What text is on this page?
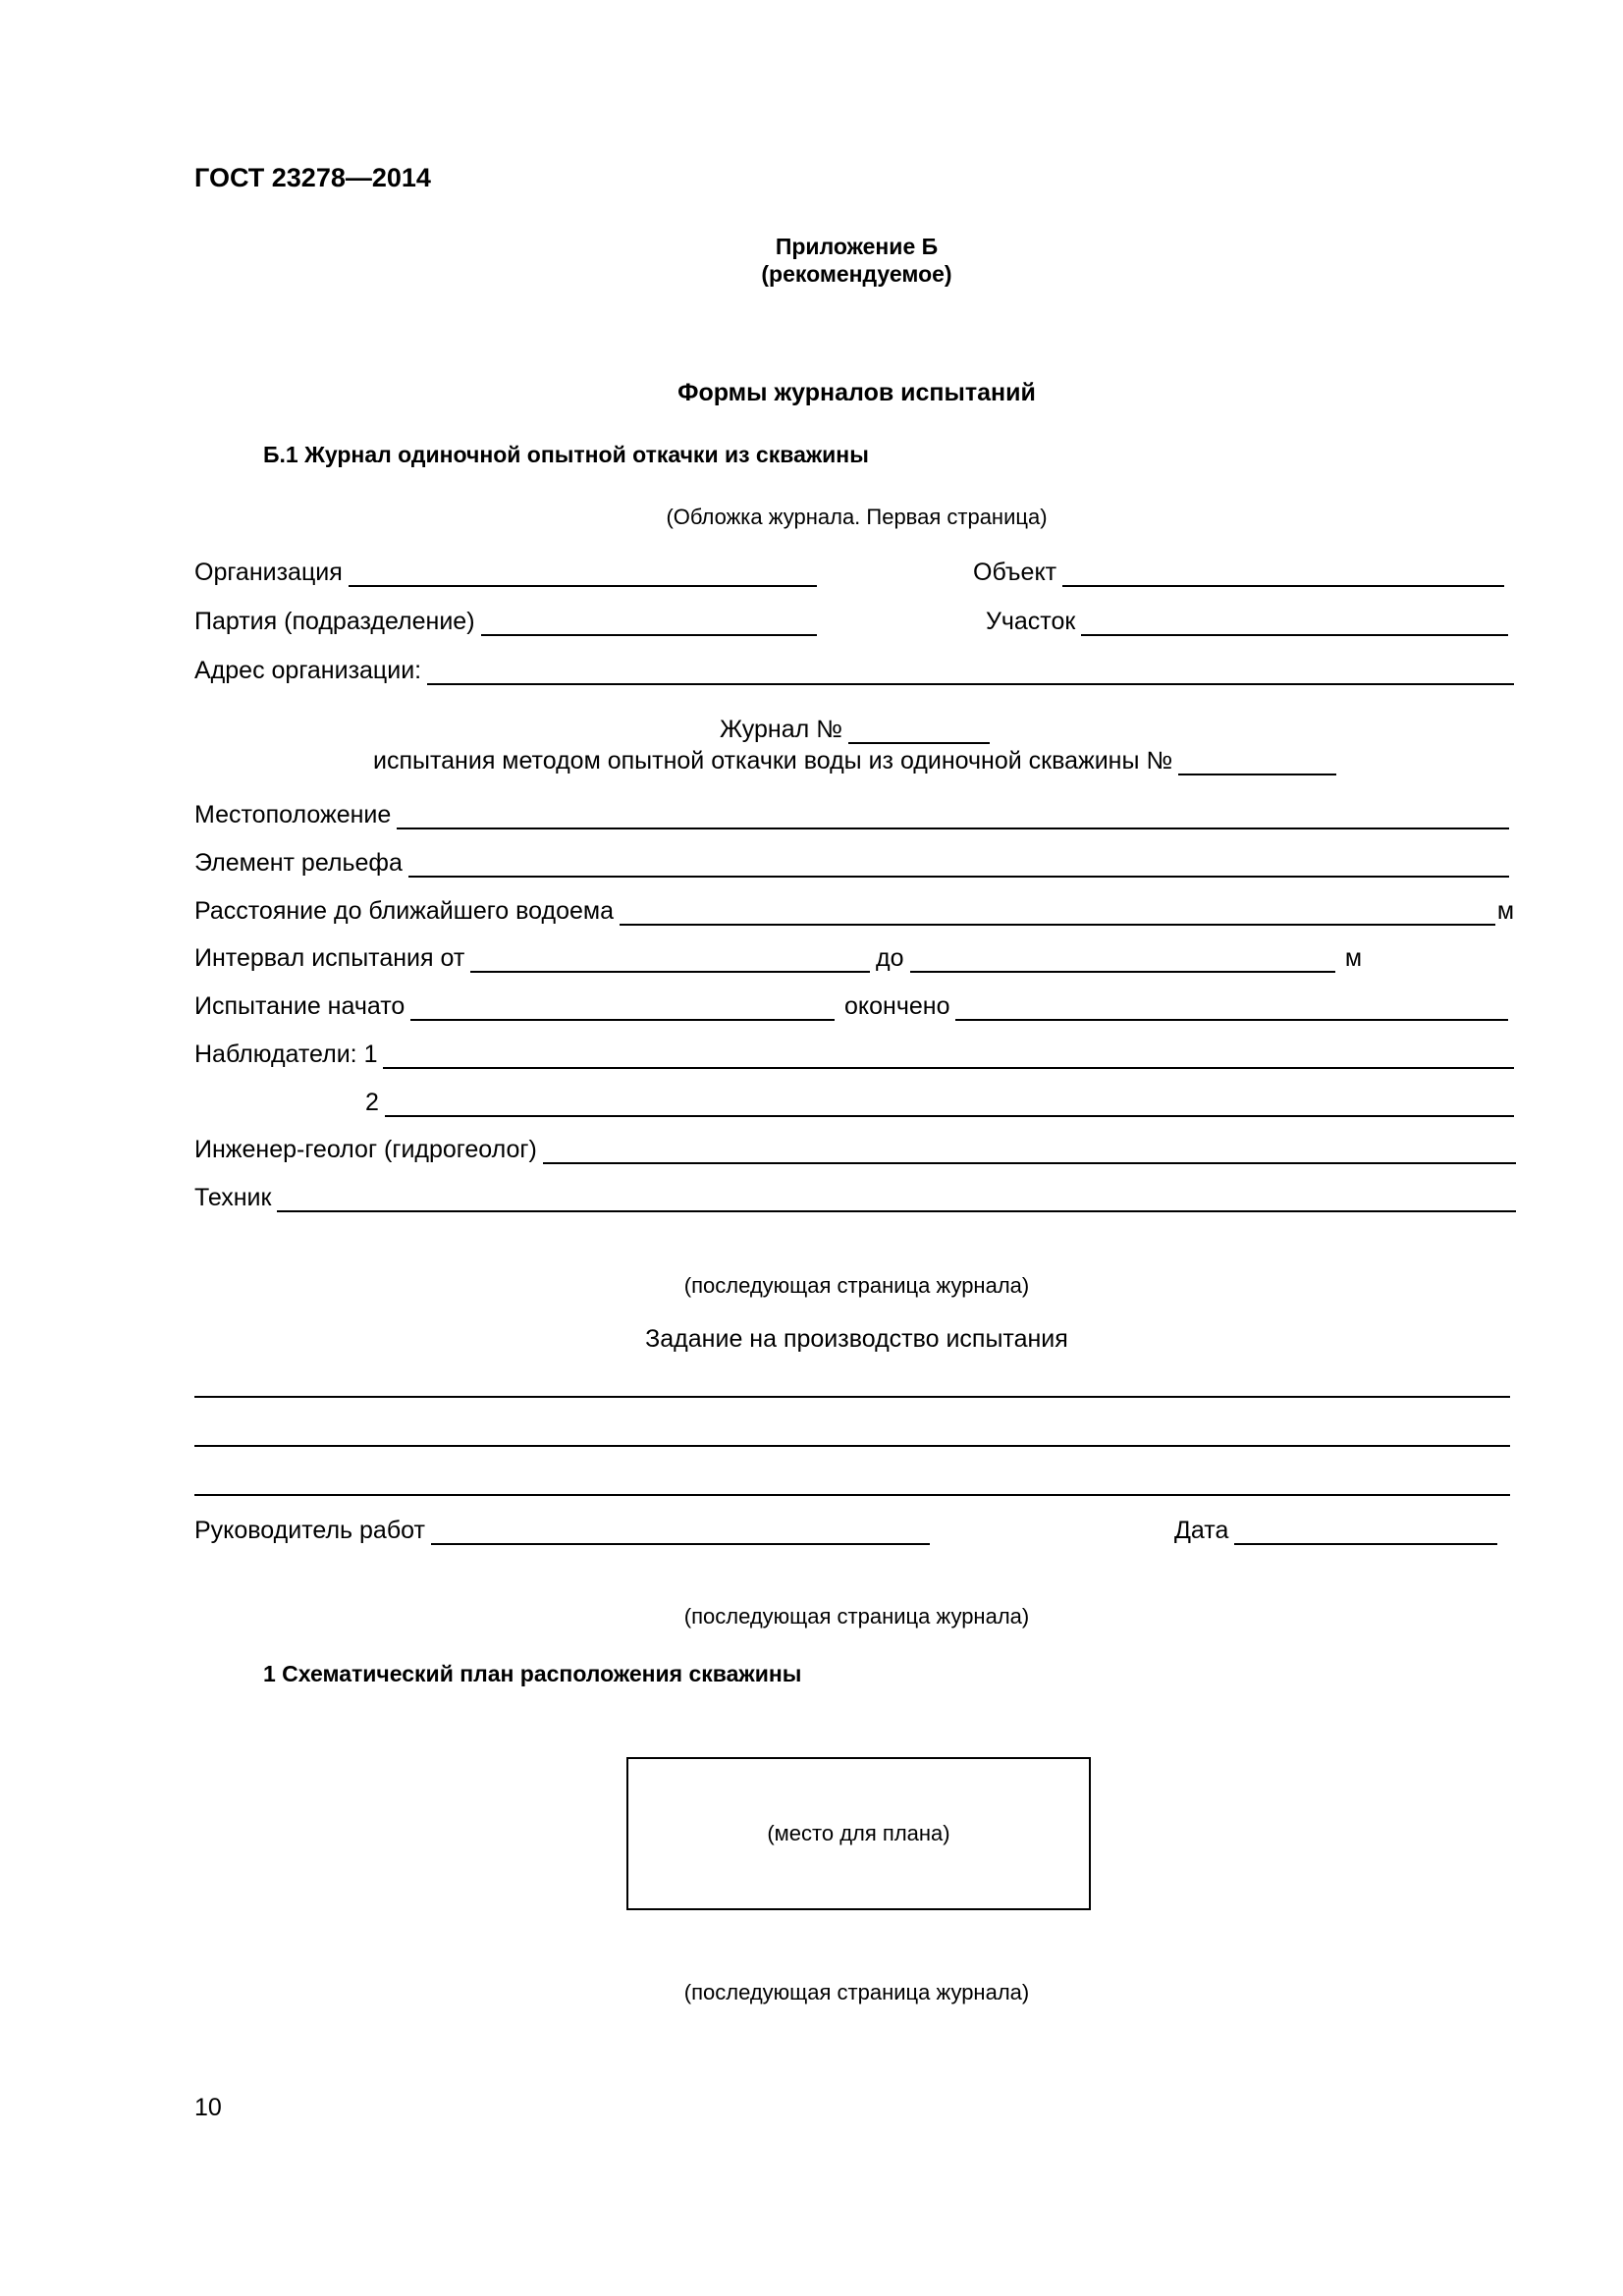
ГОСТ 23278—2014
Приложение Б
(рекомендуемое)
Формы журналов испытаний
Б.1 Журнал одиночной опытной откачки из скважины
(Обложка журнала. Первая страница)
Организация	Объект
Партия (подразделение)	Участок
Адрес организации:
Журнал №
испытания методом опытной откачки воды из одиночной скважины №
Местоположение
Элемент рельефа
Расстояние до ближайшего водоема	м
Интервал испытания от	до	м
Испытание начато	окончено
Наблюдатели: 1
2
Инженер-геолог (гидрогеолог)
Техник
(последующая страница журнала)
Задание на производство испытания
Руководитель работ	Дата
(последующая страница журнала)
1 Схематический план расположения скважины
(место для плана)
(последующая страница журнала)
10
